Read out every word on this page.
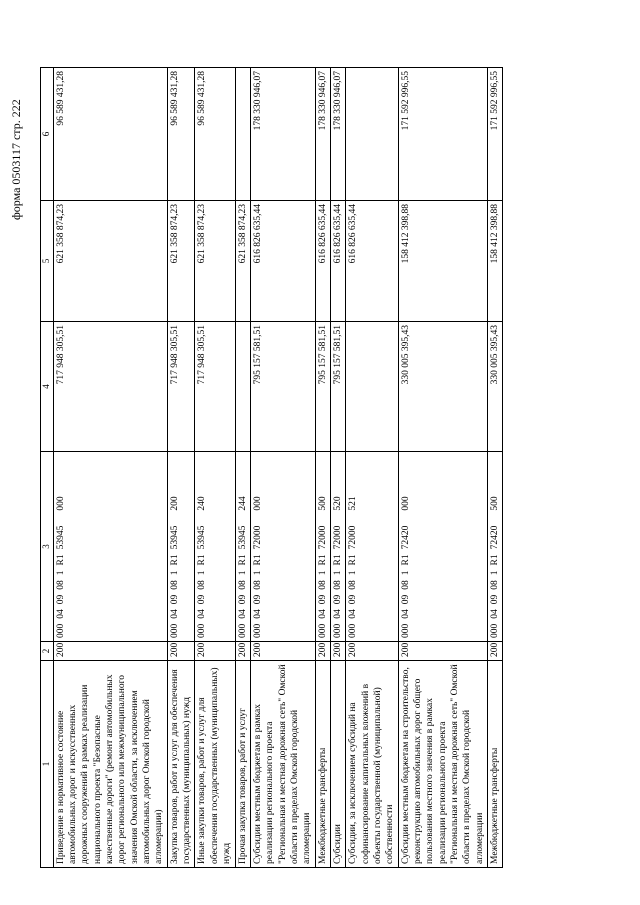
форма 0503117 стр. 222
1	2	3	4	5	6
Приведение в нормативное состояние автомобильных дорог и искусственных дорожных сооружений в рамках реализации национального проекта "Безопасные качественные дороги" (ремонт автомобильных дорог регионального или межмуниципального значения Омской области, за исключением автомобильных дорог Омской городской агломерации)	200	0000409081R153945000	717 948 305,51	621 358 874,23	96 589 431,28
Закупка товаров, работ и услуг для обеспечения государственных (муниципальных) нужд	200	0000409081R153945200	717 948 305,51	621 358 874,23	96 589 431,28
Иные закупки товаров, работ и услуг для обеспечения государственных (муниципальных) нужд	200	0000409081R153945240	717 948 305,51	621 358 874,23	96 589 431,28
Прочая закупка товаров, работ и услуг	200	0000409081R153945244		621 358 874,23	
Субсидии местным бюджетам в рамках реализации регионального проекта "Региональная и местная дорожная сеть" Омской области в пределах Омской городской агломерации	200	0000409081R172000000	795 157 581,51	616 826 635,44	178 330 946,07
Межбюджетные трансферты	200	0000409081R172000500	795 157 581,51	616 826 635,44	178 330 946,07
Субсидии	200	0000409081R172000520	795 157 581,51	616 826 635,44	178 330 946,07
Субсидии, за исключением субсидий на софинансирование капитальных вложений в объекты государственной (муниципальной) собственности	200	0000409081R172000521		616 826 635,44	
Субсидии местным бюджетам на строительство, реконструкцию автомобильных дорог общего пользования местного значения в рамках реализации регионального проекта "Региональная и местная дорожная сеть" Омской области в пределах Омской городской агломерации	200	0000409081R172420000	330 005 395,43	158 412 398,88	171 592 996,55
Межбюджетные трансферты	200	0000409081R172420500	330 005 395,43	158 412 398,88	171 592 996,55
